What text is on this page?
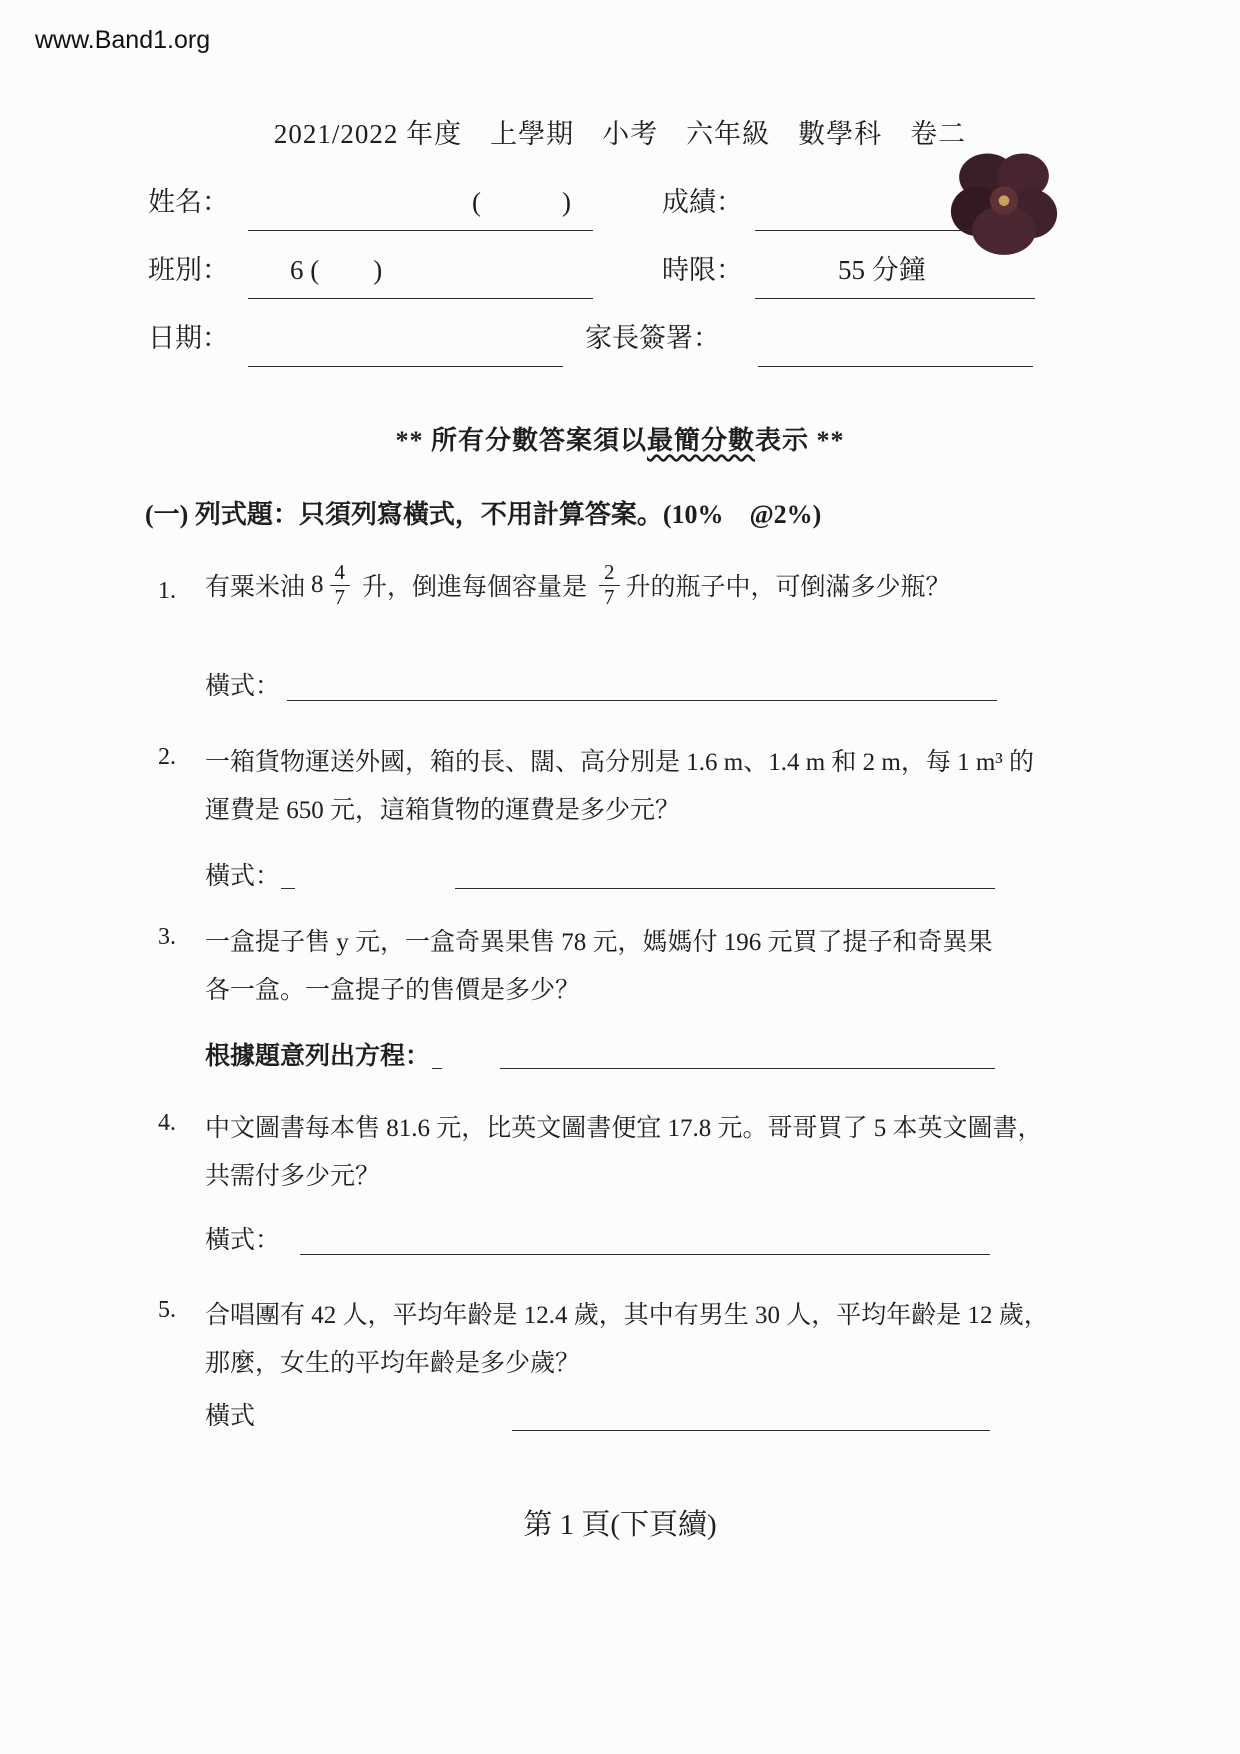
www.Band1.org
2021/2022 年度　上學期　小考　六年級　數學科　卷二
姓名：	(　　　)	成績：
班別： 6 (　　)	時限：	55 分鐘
日期：	家長簽署：
** 所有分數答案須以最簡分數表示 **
(一) 列式題：只須列寫橫式，不用計算答案。(10%　@2%)
1. 有粟米油 $8 \frac{4}{7}$ 升，倒進每個容量是 $\frac{2}{7}$ 升的瓶子中，可倒滿多少瓶？
橫式：
2. 一箱貨物運送外國，箱的長、闊、高分別是 1.6 m、1.4 m 和 2 m，每 1 m³ 的
運費是 650 元，這箱貨物的運費是多少元？
橫式：
3. 一盒提子售 y 元，一盒奇異果售 78 元，媽媽付 196 元買了提子和奇異果
各一盒。一盒提子的售價是多少？
根據題意列出方程：
4. 中文圖書每本售 81.6 元，比英文圖書便宜 17.8 元。哥哥買了 5 本英文圖書，
共需付多少元？
橫式：
5. 合唱團有 42 人，平均年齡是 12.4 歲，其中有男生 30 人，平均年齡是 12 歲，
那麼，女生的平均年齡是多少歲？
橫式
第 1 頁(下頁續)
